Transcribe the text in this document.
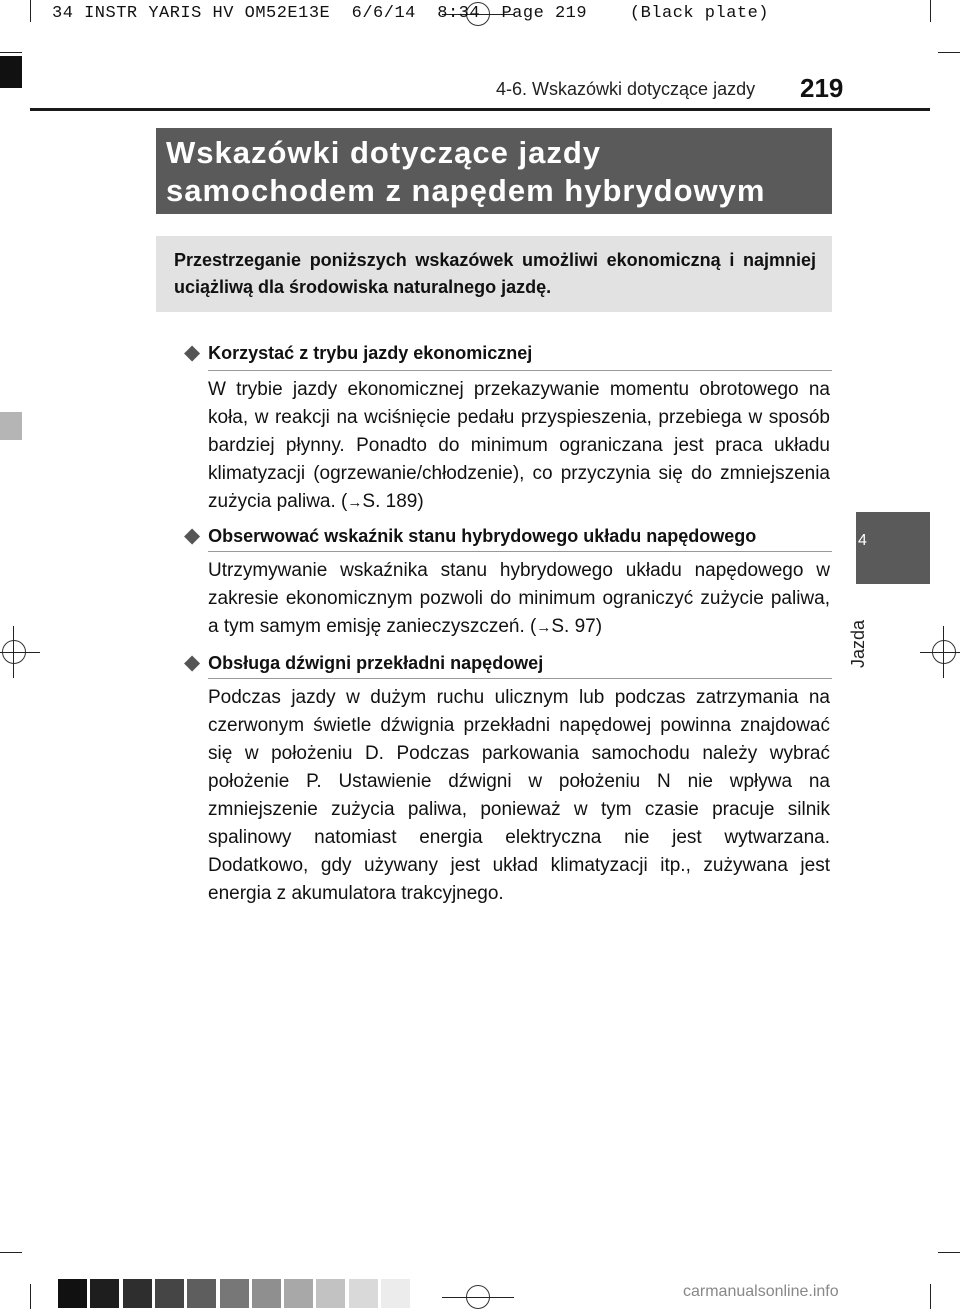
34 INSTR YARIS HV OM52E13E  6/6/14  8:34  Page 219    (Black plate)
4-6. Wskazówki dotyczące jazdy 219
Wskazówki dotyczące jazdy
samochodem z napędem hybrydowym
Przestrzeganie poniższych wskazówek umożliwi ekonomiczną i najmniej uciążliwą dla środowiska naturalnego jazdę.
◆ Korzystać z trybu jazdy ekonomicznej
W trybie jazdy ekonomicznej przekazywanie momentu obrotowego na koła, w reakcji na wciśnięcie pedału przyspieszenia, przebiega w sposób bardziej płynny. Ponadto do minimum ograniczana jest praca układu klimatyzacji (ogrzewanie/chłodzenie), co przyczynia się do zmniejszenia zużycia paliwa. (→S. 189)
◆ Obserwować wskaźnik stanu hybrydowego układu napędowego
Utrzymywanie wskaźnika stanu hybrydowego układu napędowego w zakresie ekonomicznym pozwoli do minimum ograniczyć zużycie paliwa, a tym samym emisję zanieczyszczeń. (→S. 97)
◆ Obsługa dźwigni przekładni napędowej
Podczas jazdy w dużym ruchu ulicznym lub podczas zatrzymania na czerwonym świetle dźwignia przekładni napędowej powinna znajdować się w położeniu D. Podczas parkowania samochodu należy wybrać położenie P. Ustawienie dźwigni w położeniu N nie wpływa na zmniejszenie zużycia paliwa, ponieważ w tym czasie pracuje silnik spalinowy natomiast energia elektryczna nie jest wytwarzana. Dodatkowo, gdy używany jest układ klimatyzacji itp., zużywana jest energia z akumulatora trakcyjnego.
4
Jazda
carmanualsonline.info
